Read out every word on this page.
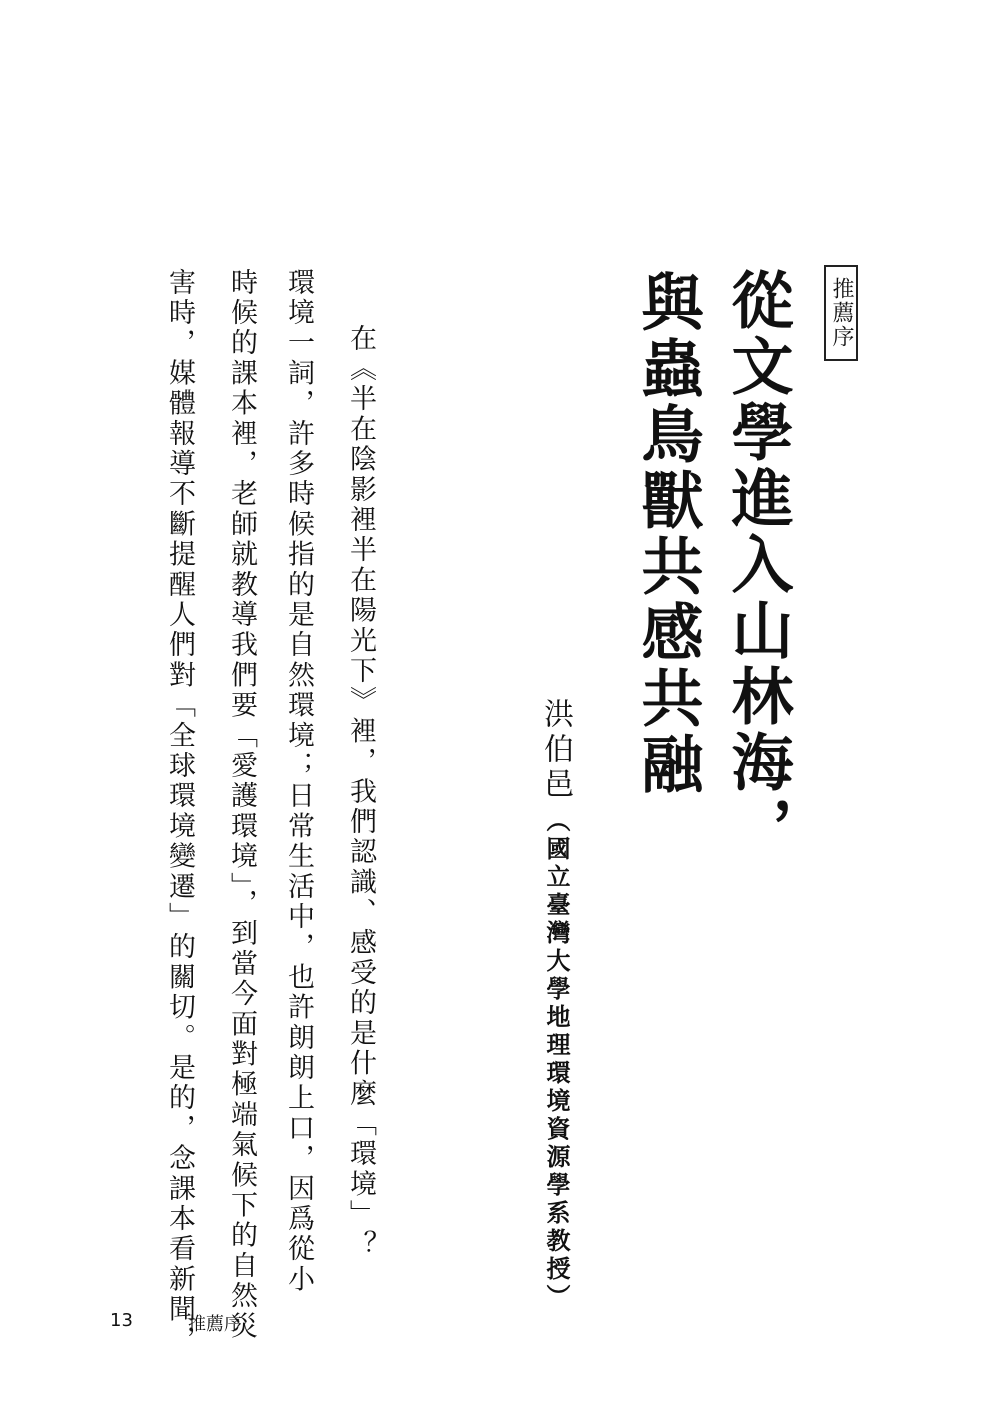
推薦序
從文學進入山林海，
與蟲鳥獸共感共融
洪伯邑
（國立臺灣大學地理環境資源學系教授）
在《半在陰影裡半在陽光下》裡，我們認識、感受的是什麼「環境」？
環境一詞，許多時候指的是自然環境；日常生活中，也許朗朗上口，因爲從小
時候的課本裡，老師就教導我們要「愛護環境」，到當今面對極端氣候下的自然災
害時，媒體報導不斷提醒人們對「全球環境變遷」的關切。是的，念課本看新聞，
13	推薦序
